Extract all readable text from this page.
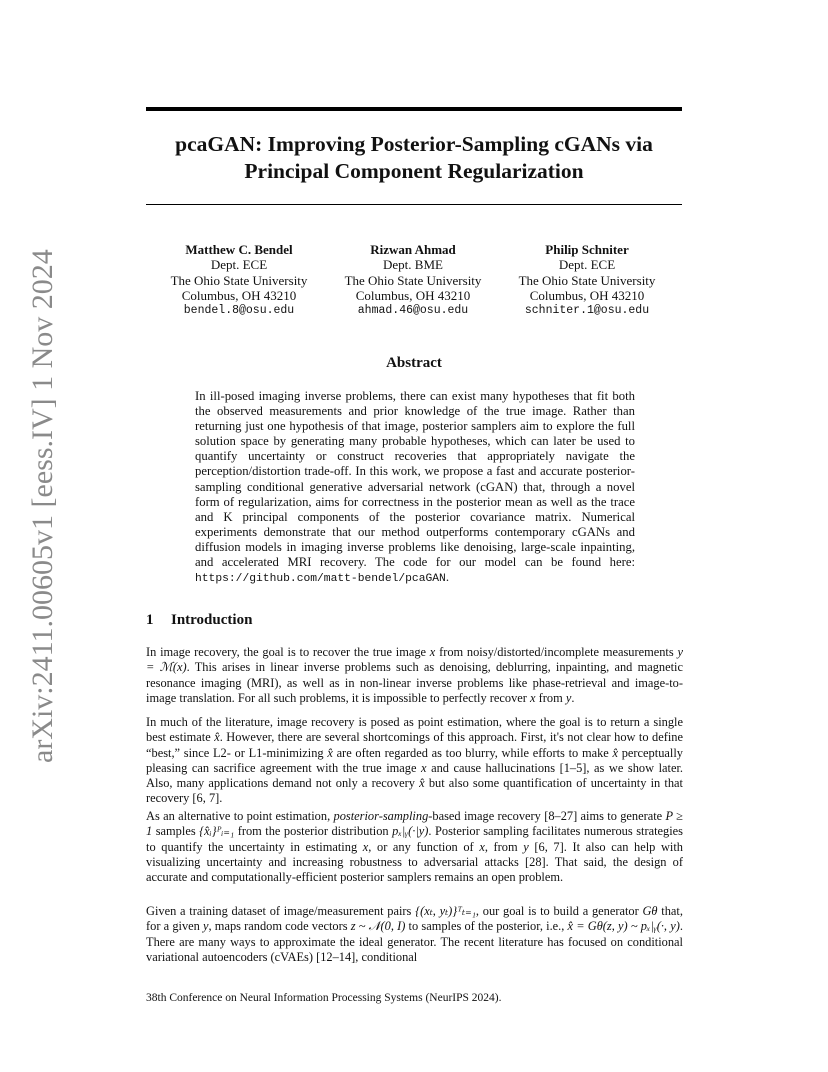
arXiv:2411.00605v1 [eess.IV] 1 Nov 2024
pcaGAN: Improving Posterior-Sampling cGANs via
Principal Component Regularization
Matthew C. Bendel
Dept. ECE
The Ohio State University
Columbus, OH 43210
bendel.8@osu.edu
Rizwan Ahmad
Dept. BME
The Ohio State University
Columbus, OH 43210
ahmad.46@osu.edu
Philip Schniter
Dept. ECE
The Ohio State University
Columbus, OH 43210
schniter.1@osu.edu
Abstract

In ill-posed imaging inverse problems, there can exist many hypotheses that fit both the observed measurements and prior knowledge of the true image. Rather than returning just one hypothesis of that image, posterior samplers aim to explore the full solution space by generating many probable hypotheses, which can later be used to quantify uncertainty or construct recoveries that appropriately navigate the perception/distortion trade-off. In this work, we propose a fast and accurate posterior-sampling conditional generative adversarial network (cGAN) that, through a novel form of regularization, aims for correctness in the posterior mean as well as the trace and K principal components of the posterior covariance matrix. Numerical experiments demonstrate that our method outperforms contemporary cGANs and diffusion models in imaging inverse problems like denoising, large-scale inpainting, and accelerated MRI recovery. The code for our model can be found here: https://github.com/matt-bendel/pcaGAN.

1 Introduction

In image recovery, the goal is to recover the true image x from noisy/distorted/incomplete measurements y = ℳ(x). This arises in linear inverse problems such as denoising, deblurring, inpainting, and magnetic resonance imaging (MRI), as well as in non-linear inverse problems like phase-retrieval and image-to-image translation. For all such problems, it is impossible to perfectly recover x from y.

In much of the literature, image recovery is posed as point estimation, where the goal is to return a single best estimate x̂. However, there are several shortcomings of this approach. First, it's not clear how to define “best,” since L2- or L1-minimizing x̂ are often regarded as too blurry, while efforts to make x̂ perceptually pleasing can sacrifice agreement with the true image x and cause hallucinations [1–5], as we show later. Also, many applications demand not only a recovery x̂ but also some quantification of uncertainty in that recovery [6, 7].

As an alternative to point estimation, posterior-sampling-based image recovery [8–27] aims to generate P ≥ 1 samples {x̂ᵢ}ᴾᵢ₌₁ from the posterior distribution pₓ|ᵧ(·|y). Posterior sampling facilitates numerous strategies to quantify the uncertainty in estimating x, or any function of x, from y [6, 7]. It also can help with visualizing uncertainty and increasing robustness to adversarial attacks [28]. That said, the design of accurate and computationally-efficient posterior samplers remains an open problem.

Given a training dataset of image/measurement pairs {(xₜ, yₜ)}ᵀₜ₌₁, our goal is to build a generator Gθ that, for a given y, maps random code vectors z ~ 𝒩(0, I) to samples of the posterior, i.e., x̂ = Gθ(z, y) ~ pₓ|ᵧ(·, y). There are many ways to approximate the ideal generator. The recent literature has focused on conditional variational autoencoders (cVAEs) [12–14], conditional

38th Conference on Neural Information Processing Systems (NeurIPS 2024).
